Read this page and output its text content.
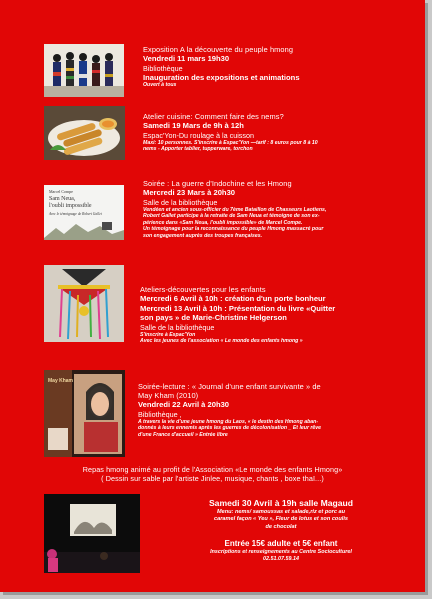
Exposition A la découverte du peuple hmong

Vendredi 11 mars 19h30

Bibliothèque

Inauguration des expositions et animations

Ouvert à tous

Atelier cuisine: Comment faire des nems?

Samedi 19 Mars de 9h à 12h

Espac'Yon-Du roulage à la cuisson

Maxi: 10 personnes. S'inscrire à Espac'Yon —tarif : 8 euros pour 8 à 10

nems - Apporter tablier, tupperware, torchon

Marcel Compe
Sam Neua,
l'oubli impossible
Avec le témoignage de Robert Gallet

Soirée : La guerre d'Indochine et les Hmong

Mercredi 23 Mars à 20h30

Salle de la bibliothèque

Vendéen et ancien sous-officier du 7ème Bataillon de Chasseurs Laotiens,

Robert Gallet participe à la retraite de Sam Neua et témoigne de son ex-

périence dans «Sam Neua, l'oubli impossible» de Marcel Compe.

Un témoignage pour la reconnaissance du peuple Hmong massacré pour

son engagement auprès des troupes françaises.

Ateliers-découvertes pour les enfants

Mercredi 6 Avril à 10h : création d'un porte bonheur

Mercredi 13 Avril à 10h : Présentation du livre «Quitter

son pays » de Marie-Christine Helgerson

Salle de la bibliothèque

S'inscrire à Espac'Yon

Avec les jeunes de l'association « Le monde des enfants hmong »

May Kham

Soirée-lecture : « Journal d'une enfant survivante » de

May Kham (2010)

Vendredi 22 Avril à 20h30

Bibliothèque ,

A travers la vie d'une jeune hmong du Laos, « le destin des Hmong aban-

donnés à leurs ennemis après les guerres de décolonisation _ Et leur rêve

d'une France d'accueil » Entrée libre

Repas hmong animé au profit de l'Association «Le monde des enfants Hmong»

( Dessin sur sable par l'artiste Jinlee, musique, chants , boxe thaï...)

Samedi 30 Avril à 19h salle Magaud

Menu: nems/ samoussas et salade,riz et porc au

caramel façon « Yeu », Fleur de lotus et son coulis

de chocolat

Entrée 15€ adulte et 5€ enfant

Inscriptions et renseignements au Centre Socioculturel

02.51.07.59.14
